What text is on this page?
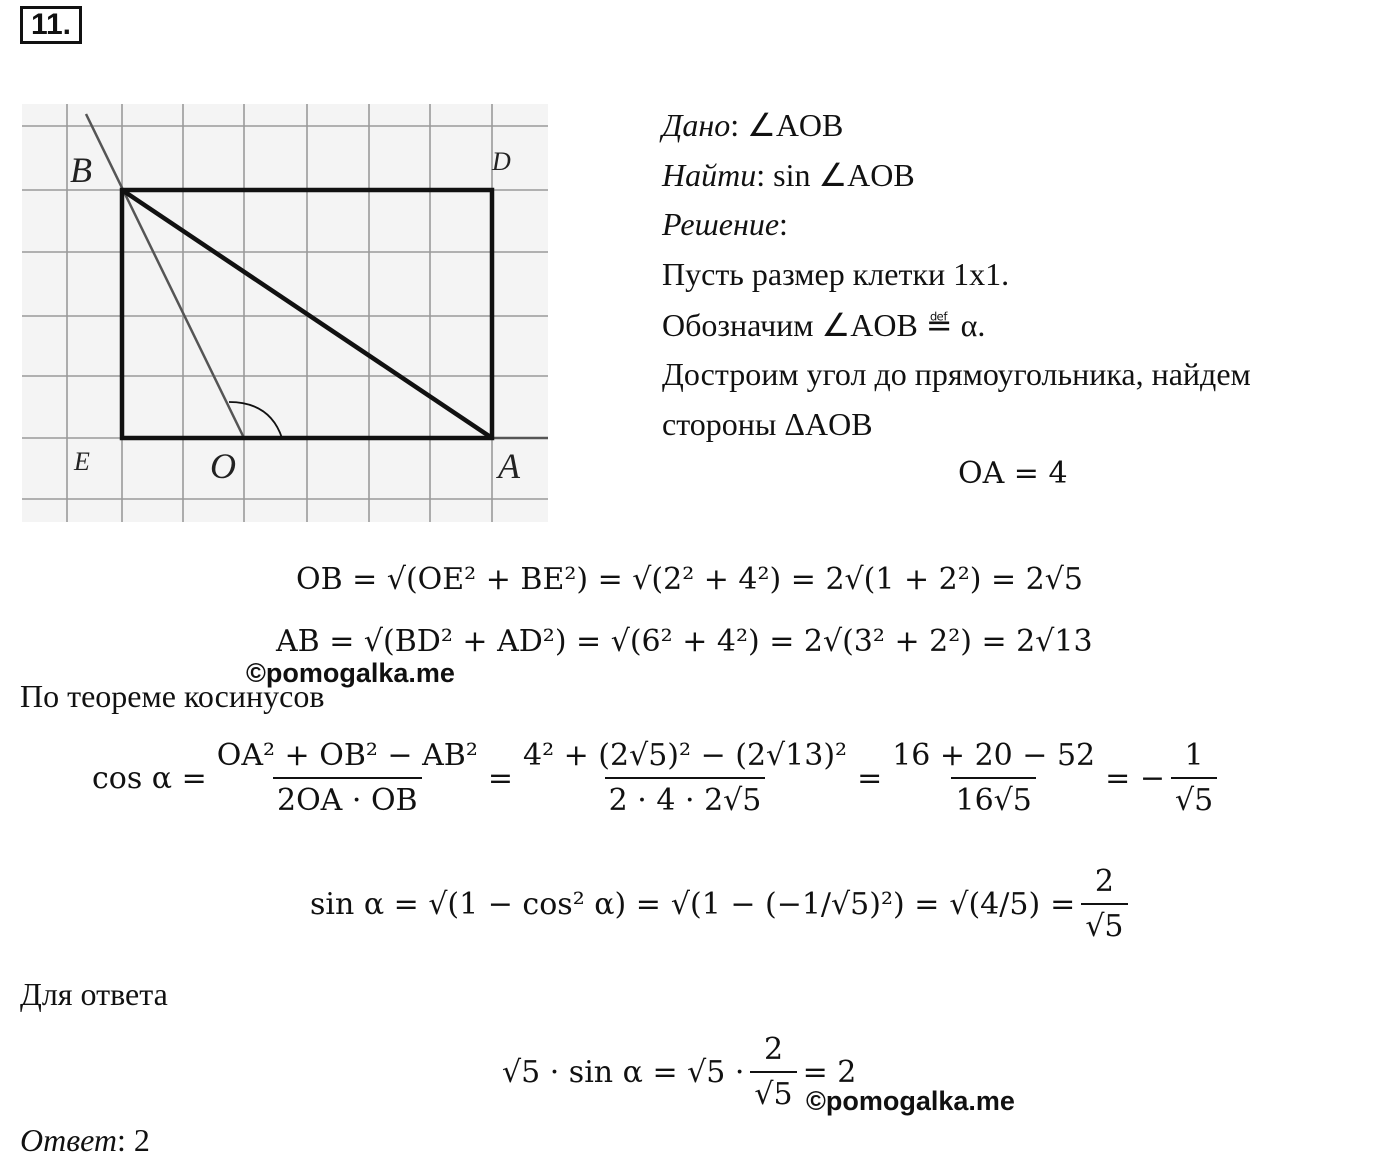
11.
B	D
E	O	A
Дано: ∠AOB
Найти: sin ∠AOB
Решение:
Пусть размер клетки 1x1.
Обозначим ∠AOB ≝ α.
Достроим угол до прямоугольника, найдем
стороны ΔAOB
OA = 4
OB = √(OE² + BE²) = √(2² + 4²) = 2√(1 + 2²) = 2√5
AB = √(BD² + AD²) = √(6² + 4²) = 2√(3² + 2²) = 2√13
©pomogalka.me
По теореме косинусов
$\cos \alpha = \frac{\text{OA² + OB² − AB²}}{2OA \cdot OB} = \frac{\text{4² + (2√5)² − (2√13)²}}{2 \cdot 4 \cdot 2√5} = \frac{16 + 20 - 52}{16√5}$ = − $\frac{1}{√5}$
sin α = √(1 − cos² $\alpha) = √(1 - (-1/√5)^2) = √(4/5) = \frac{2}{√5}$
Для ответа
$√5 \cdot \sin \alpha = √5 \cdot \frac{2}{√5} = 2$
©pomogalka.me
Ответ: 2
